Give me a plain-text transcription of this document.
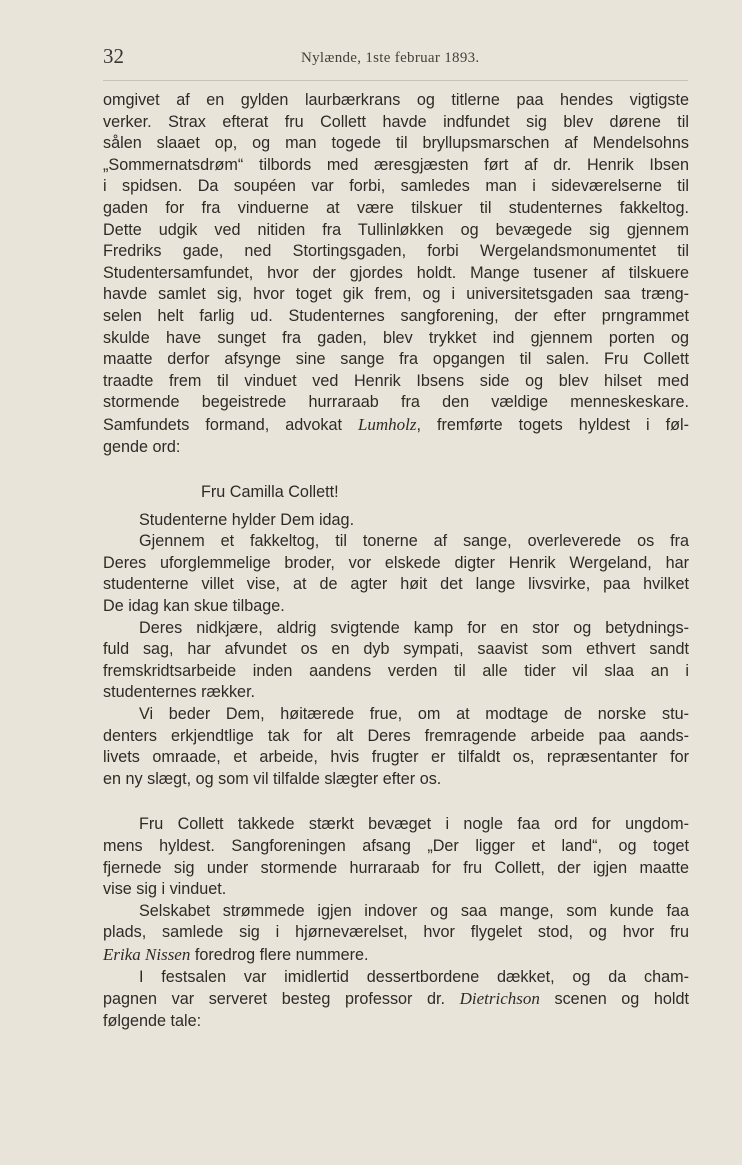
32	Nylænde, 1ste februar 1893.

omgivet af en gylden laurbærkrans og titlerne paa hendes vigtigste
verker. Strax efterat fru Collett havde indfundet sig blev dørene til
sålen slaaet op, og man togede til bryllupsmarschen af Mendelsohns
„Sommernatsdrøm“ tilbords med æresgjæsten ført af dr. Henrik Ibsen
i spidsen. Da soupéen var forbi, samledes man i sideværelserne til
gaden for fra vinduerne at være tilskuer til studenternes fakkeltog.
Dette udgik ved nitiden fra Tullinløkken og bevægede sig gjennem
Fredriks gade, ned Stortingsgaden, forbi Wergelandsmonumentet til
Studentersamfundet, hvor der gjordes holdt. Mange tusener af tilskuere
havde samlet sig, hvor toget gik frem, og i universitetsgaden saa træng-
selen helt farlig ud. Studenternes sangforening, der efter prngrammet
skulde have sunget fra gaden, blev trykket ind gjennem porten og
maatte derfor afsynge sine sange fra opgangen til salen. Fru Collett
traadte frem til vinduet ved Henrik Ibsens side og blev hilset med
stormende begeistrede hurraraab fra den vældige menneskeskare.
Samfundets formand, advokat Lumholz, fremførte togets hyldest i føl-
gende ord:

Fru Camilla Collett!

Studenterne hylder Dem idag.

Gjennem et fakkeltog, til tonerne af sange, overleverede os fra
Deres uforglemmelige broder, vor elskede digter Henrik Wergeland, har
studenterne villet vise, at de agter høit det lange livsvirke, paa hvilket
De idag kan skue tilbage.

Deres nidkjære, aldrig svigtende kamp for en stor og betydnings-
fuld sag, har afvundet os en dyb sympati, saavist som ethvert sandt
fremskridtsarbeide inden aandens verden til alle tider vil slaa an i
studenternes rækker.

Vi beder Dem, høitærede frue, om at modtage de norske stu-
denters erkjendtlige tak for alt Deres fremragende arbeide paa aands-
livets omraade, et arbeide, hvis frugter er tilfaldt os, repræsentanter for
en ny slægt, og som vil tilfalde slægter efter os.

Fru Collett takkede stærkt bevæget i nogle faa ord for ungdom-
mens hyldest. Sangforeningen afsang „Der ligger et land“, og toget
fjernede sig under stormende hurraraab for fru Collett, der igjen maatte
vise sig i vinduet.

Selskabet strømmede igjen indover og saa mange, som kunde faa
plads, samlede sig i hjørneværelset, hvor flygelet stod, og hvor fru
Erika Nissen foredrog flere nummere.

I festsalen var imidlertid dessertbordene dækket, og da cham-
pagnen var serveret besteg professor dr. Dietrichson scenen og holdt
følgende tale:
